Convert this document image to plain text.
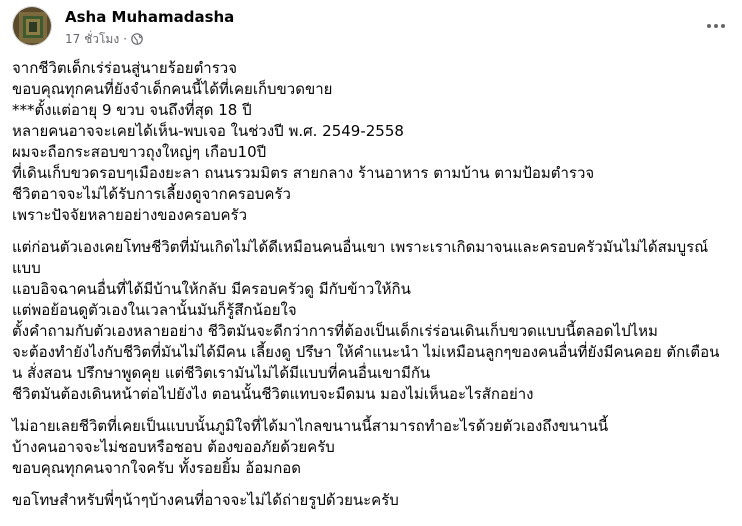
Asha Muhamadasha
17 ชั่วโมง ·
จากชีวิตเด็กเร่ร่อนสู่นายร้อยตำรวจ
ขอบคุณทุกคนที่ยังจำเด็กคนนี้ได้ที่เคยเก็บขวดขาย
***ตั้งแต่อายุ 9 ขวบ จนถึงที่สุด 18 ปี
หลายคนอาจจะเคยได้เห็น-พบเจอ ในช่วงปี พ.ศ. 2549-2558
ผมจะถือกระสอบขาวถุงใหญ่ๆ เกือบ10ปี
ที่เดินเก็บขวดรอบๆเมืองยะลา ถนนรวมมิตร สายกลาง ร้านอาหาร ตามบ้าน ตามป้อมตำรวจ
ชีวิตอาจจะไม่ได้รับการเลี้ยงดูจากครอบครัว
เพราะปัจจัยหลายอย่างของครอบครัว
แต่ก่อนตัวเองเคยโทษชีวิตที่มันเกิดไม่ได้ดีเหมือนคนอื่นเขา เพราะเราเกิดมาจนและครอบครัวมันไม่ได้สมบูรณ์แบบ
แอบอิจฉาคนอื่นที่ได้มีบ้านให้กลับ มีครอบครัวดู มีกับข้าวให้กิน
แต่พอย้อนดูตัวเองในเวลานั้นมันก็รู้สึกน้อยใจ
ตั้งคำถามกับตัวเองหลายอย่าง ชีวิตมันจะดีกว่าการที่ต้องเป็นเด็กเร่ร่อนเดินเก็บขวดแบบนี้ตลอดไปไหม
จะต้องทำยังไงกับชีวิตที่มันไม่ได้มีคน เลี้ยงดู ปรึษา ให้คำแนะนำ ไม่เหมือนลูกๆของคนอื่นที่ยังมีคนคอย ตักเตือน น สั่งสอน ปรึกษาพูดคุย แต่ชีวิตเรามันไม่ได้มีแบบที่คนอื่นเขามีกัน
ชีวิตมันต้องเดินหน้าต่อไปยังไง ตอนนั้นชีวิตแทบจะมืดมน มองไม่เห็นอะไรสักอย่าง
ไม่อายเลยชีวิตที่เคยเป็นแบบนั้นภูมิใจที่ได้มาไกลขนานนี้สามารถทำอะไรด้วยตัวเองถึงขนานนี้
บ้างคนอาจจะไม่ชอบหรือชอบ ต้องขออภัยด้วยครับ
ขอบคุณทุกคนจากใจครับ ทั้งรอยยิ้ม อ้อมกอด
ขอโทษสำหรับพี่ๆน้าๆบ้างคนที่อาจจะไม่ได้ถ่ายรูปด้วยนะครับ
